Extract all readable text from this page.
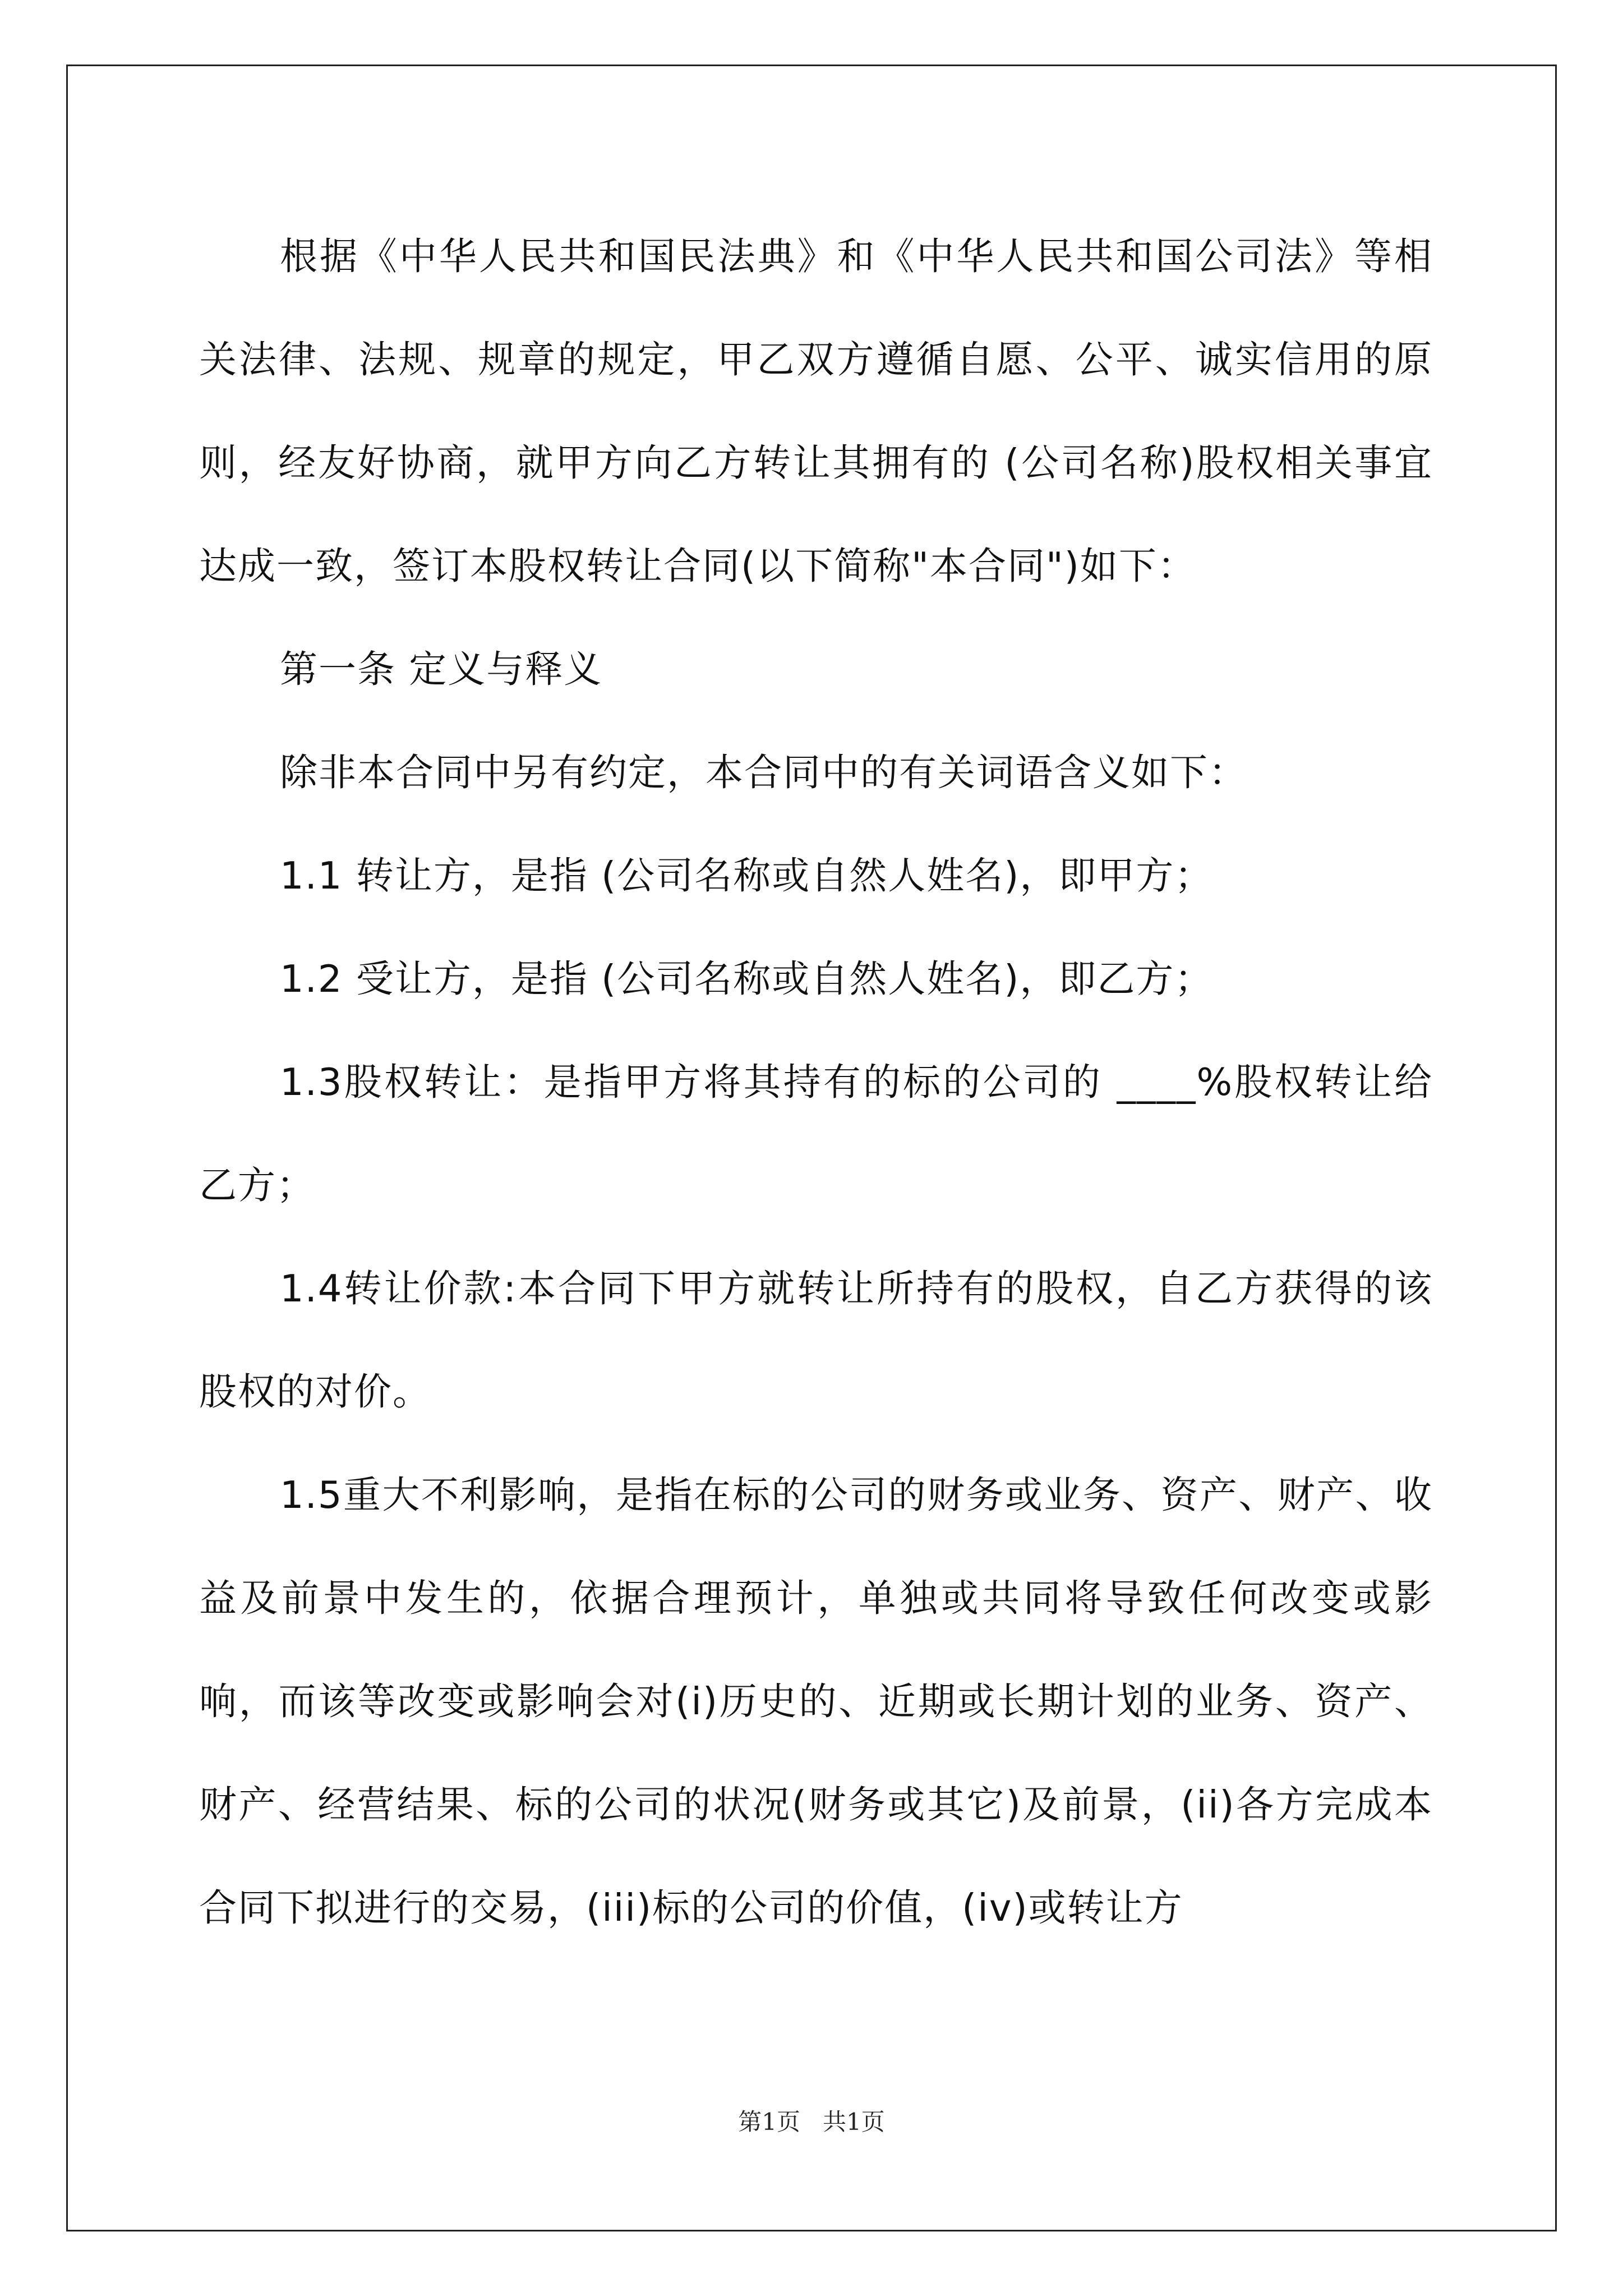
根据《中华人民共和国民法典》和《中华人民共和国公司法》等相关法律、法规、规章的规定，甲乙双方遵循自愿、公平、诚实信用的原则，经友好协商，就甲方向乙方转让其拥有的 (公司名称)股权相关事宜达成一致，签订本股权转让合同(以下简称"本合同")如下：

第一条 定义与释义

除非本合同中另有约定，本合同中的有关词语含义如下：

1.1 转让方，是指 (公司名称或自然人姓名)，即甲方；

1.2 受让方，是指 (公司名称或自然人姓名)，即乙方；

1.3股权转让：是指甲方将其持有的标的公司的 ____%股权转让给乙方；

1.4转让价款:本合同下甲方就转让所持有的股权，自乙方获得的该股权的对价。

1.5重大不利影响，是指在标的公司的财务或业务、资产、财产、收益及前景中发生的，依据合理预计，单独或共同将导致任何改变或影响，而该等改变或影响会对(i)历史的、近期或长期计划的业务、资产、财产、经营结果、标的公司的状况(财务或其它)及前景，(ii)各方完成本合同下拟进行的交易，(iii)标的公司的价值，(iv)或转让方

第1页 共1页
